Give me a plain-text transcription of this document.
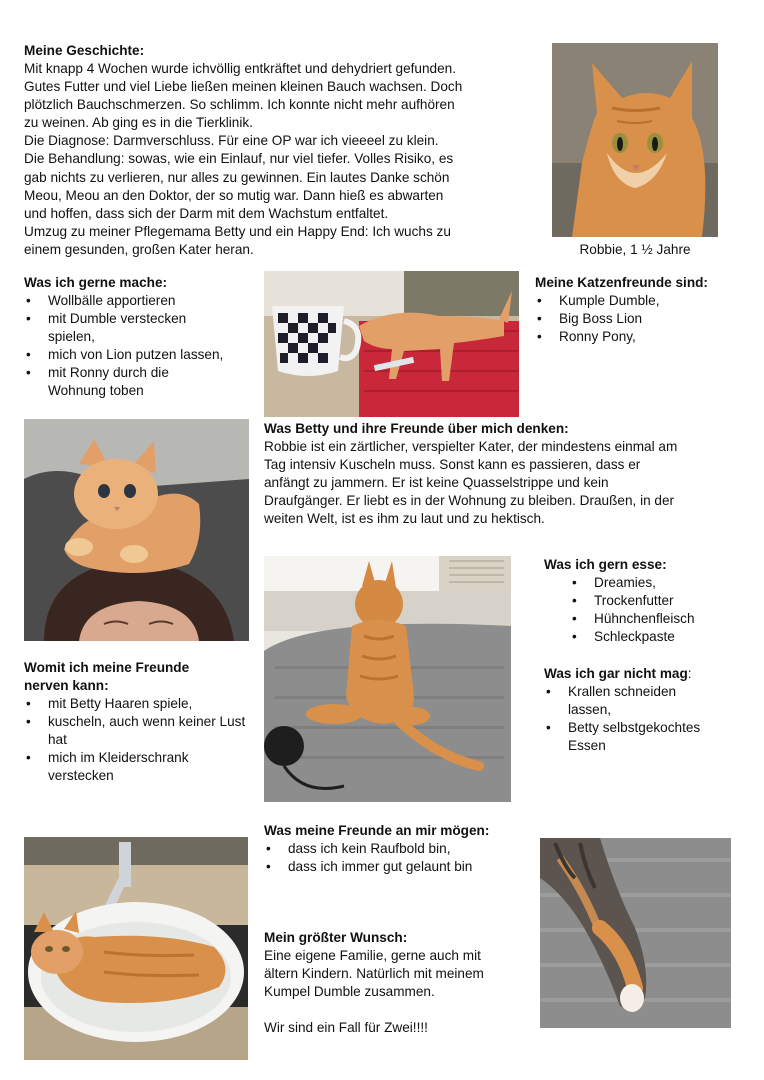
Meine Geschichte:

Mit knapp 4 Wochen wurde ichvöllig entkräftet und dehydriert gefunden.
Gutes Futter und viel Liebe ließen meinen kleinen Bauch wachsen. Doch
plötzlich Bauchschmerzen. So schlimm. Ich konnte nicht mehr aufhören
zu weinen. Ab ging es in die Tierklinik.
Die Diagnose: Darmverschluss. Für eine OP war ich vieeeel zu klein.
Die Behandlung: sowas, wie ein Einlauf, nur viel tiefer. Volles Risiko, es
gab nichts zu verlieren, nur alles zu gewinnen. Ein lautes Danke schön
Meou, Meou an den Doktor, der so mutig war. Dann hieß es abwarten
und hoffen, dass sich der Darm mit dem Wachstum entfaltet.
Umzug zu meiner Pflegemama Betty und ein Happy End: Ich wuchs zu
einem gesunden, großen Kater heran.	Robbie, 1 ½ Jahre

Was ich gerne mache:

• Wollbälle apportieren
• mit Dumble verstecken spielen,
• mich von Lion putzen lassen,
• mit Ronny durch die Wohnung toben

Meine Katzenfreunde sind:

• Kumple Dumble,
• Big Boss Lion
• Ronny Pony,

Was Betty und ihre Freunde über mich denken:

Robbie ist ein zärtlicher, verspielter Kater, der mindestens einmal am
Tag intensiv Kuscheln muss. Sonst kann es passieren, dass er
anfängt zu jammern. Er ist keine Quasselstrippe und kein
Draufgänger. Er liebt es in der Wohnung zu bleiben. Draußen, in der
weiten Welt, ist es ihm zu laut und zu hektisch.

Was ich gern esse:

• Dreamies,
• Trockenfutter
• Hühnchenfleisch
• Schleckpaste

Was ich gar nicht mag:

• Krallen schneiden lassen,
• Betty selbstgekochtes Essen

Womit ich meine Freunde nerven kann:

• mit Betty Haaren spiele,
• kuscheln, auch wenn keiner Lust hat
• mich im Kleiderschrank verstecken

Was meine Freunde an mir mögen:

• dass ich kein Raufbold bin,
• dass ich immer gut gelaunt bin

Mein größter Wunsch:

Eine eigene Familie, gerne auch mit
ältern Kindern. Natürlich mit meinem
Kumpel Dumble zusammen.

Wir sind ein Fall für Zwei!!!!
